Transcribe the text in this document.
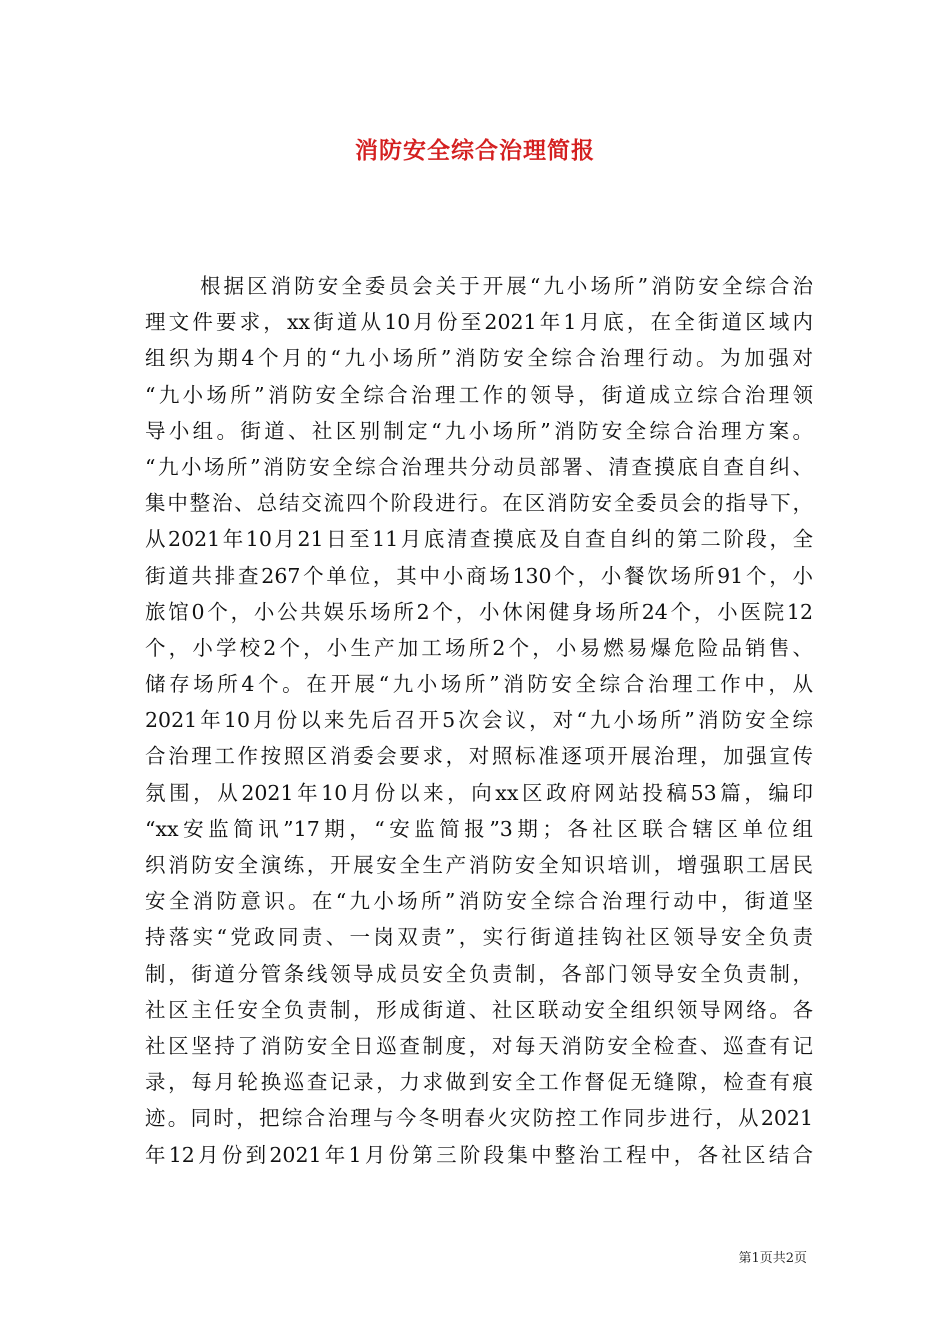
消防安全综合治理简报
根据区消防安全委员会关于开展“九小场所”消防安全综合治
理文件要求，xx街道从10月份至2021年1月底，在全街道区域内
组织为期4个月的“九小场所”消防安全综合治理行动。为加强对
“九小场所”消防安全综合治理工作的领导，街道成立综合治理领
导小组。街道、社区别制定“九小场所”消防安全综合治理方案。
“九小场所”消防安全综合治理共分动员部署、清查摸底自查自纠、
集中整治、总结交流四个阶段进行。在区消防安全委员会的指导下，
从2021年10月21日至11月底清查摸底及自查自纠的第二阶段，全
街道共排查267个单位，其中小商场130个，小餐饮场所91个，小
旅馆0个，小公共娱乐场所2个，小休闲健身场所24个，小医院12
个，小学校2个，小生产加工场所2个，小易燃易爆危险品销售、
储存场所4个。在开展“九小场所”消防安全综合治理工作中，从
2021年10月份以来先后召开5次会议，对“九小场所”消防安全综
合治理工作按照区消委会要求，对照标准逐项开展治理，加强宣传
氛围，从2021年10月份以来，向xx区政府网站投稿53篇，编印
“xx安监简讯”17期，“安监简报”3期；各社区联合辖区单位组
织消防安全演练，开展安全生产消防安全知识培训，增强职工居民
安全消防意识。在“九小场所”消防安全综合治理行动中，街道坚
持落实“党政同责、一岗双责”，实行街道挂钩社区领导安全负责
制，街道分管条线领导成员安全负责制，各部门领导安全负责制，
社区主任安全负责制，形成街道、社区联动安全组织领导网络。各
社区坚持了消防安全日巡查制度，对每天消防安全检查、巡查有记
录，每月轮换巡查记录，力求做到安全工作督促无缝隙，检查有痕
迹。同时，把综合治理与今冬明春火灾防控工作同步进行，从2021
年12月份到2021年1月份第三阶段集中整治工程中，各社区结合
第1页共2页
